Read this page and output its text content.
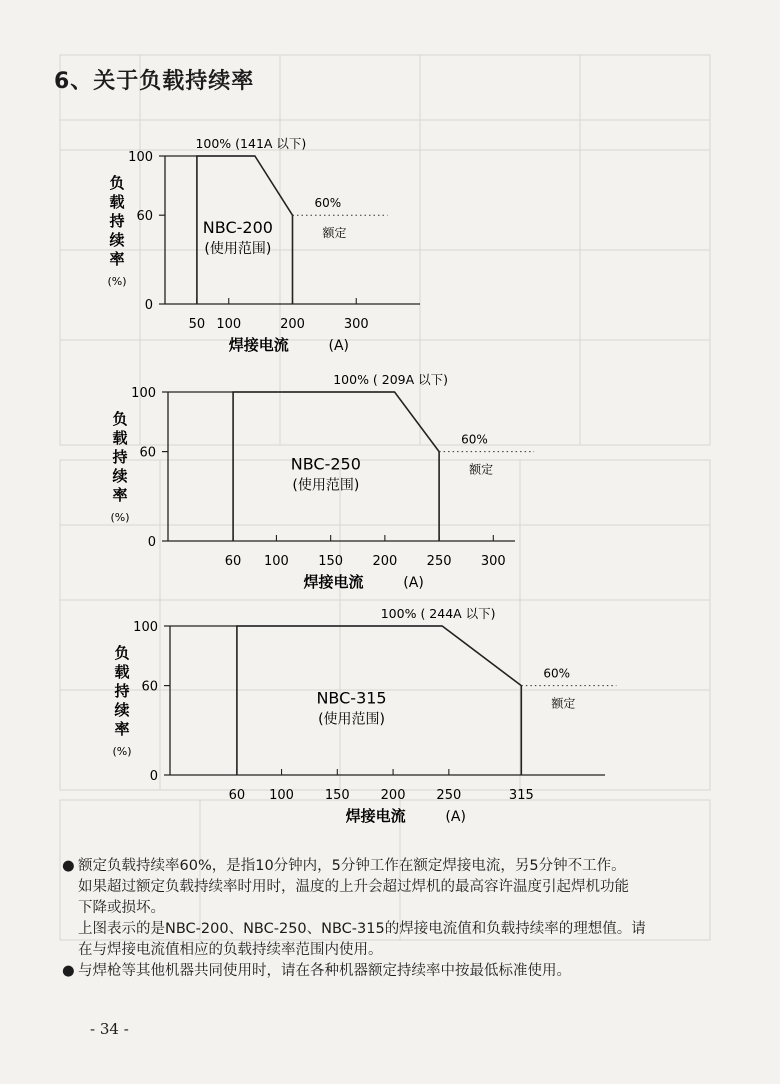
6、关于负载持续率
0
60
100
50 100	200	300
60%
额定
100% (141A 以下)
NBC-200
(使用范围)
负
载
持
续
率
(%)
焊接电流	(A)
0
60
100
60 100 150 200 250 300
60%
额定
100% ( 209A 以下)
NBC-250
(使用范围)
负
载
持
续
率
(%)
焊接电流	(A)
0
60
100
60 100 150 200 250	315
60%
额定
100% ( 244A 以下)
NBC-315
(使用范围)
负
载
持
续
率
(%)
焊接电流	(A)

● 额定负载持续率60%，是指10分钟内，5分钟工作在额定焊接电流，另5分钟不工作。

如果超过额定负载持续率时用时，温度的上升会超过焊机的最高容许温度引起焊机功能

下降或损坏。

上图表示的是NBC-200、NBC-250、NBC-315的焊接电流值和负载持续率的理想值。请

在与焊接电流值相应的负载持续率范围内使用。

● 与焊枪等其他机器共同使用时，请在各种机器额定持续率中按最低标准使用。

- 34 -
